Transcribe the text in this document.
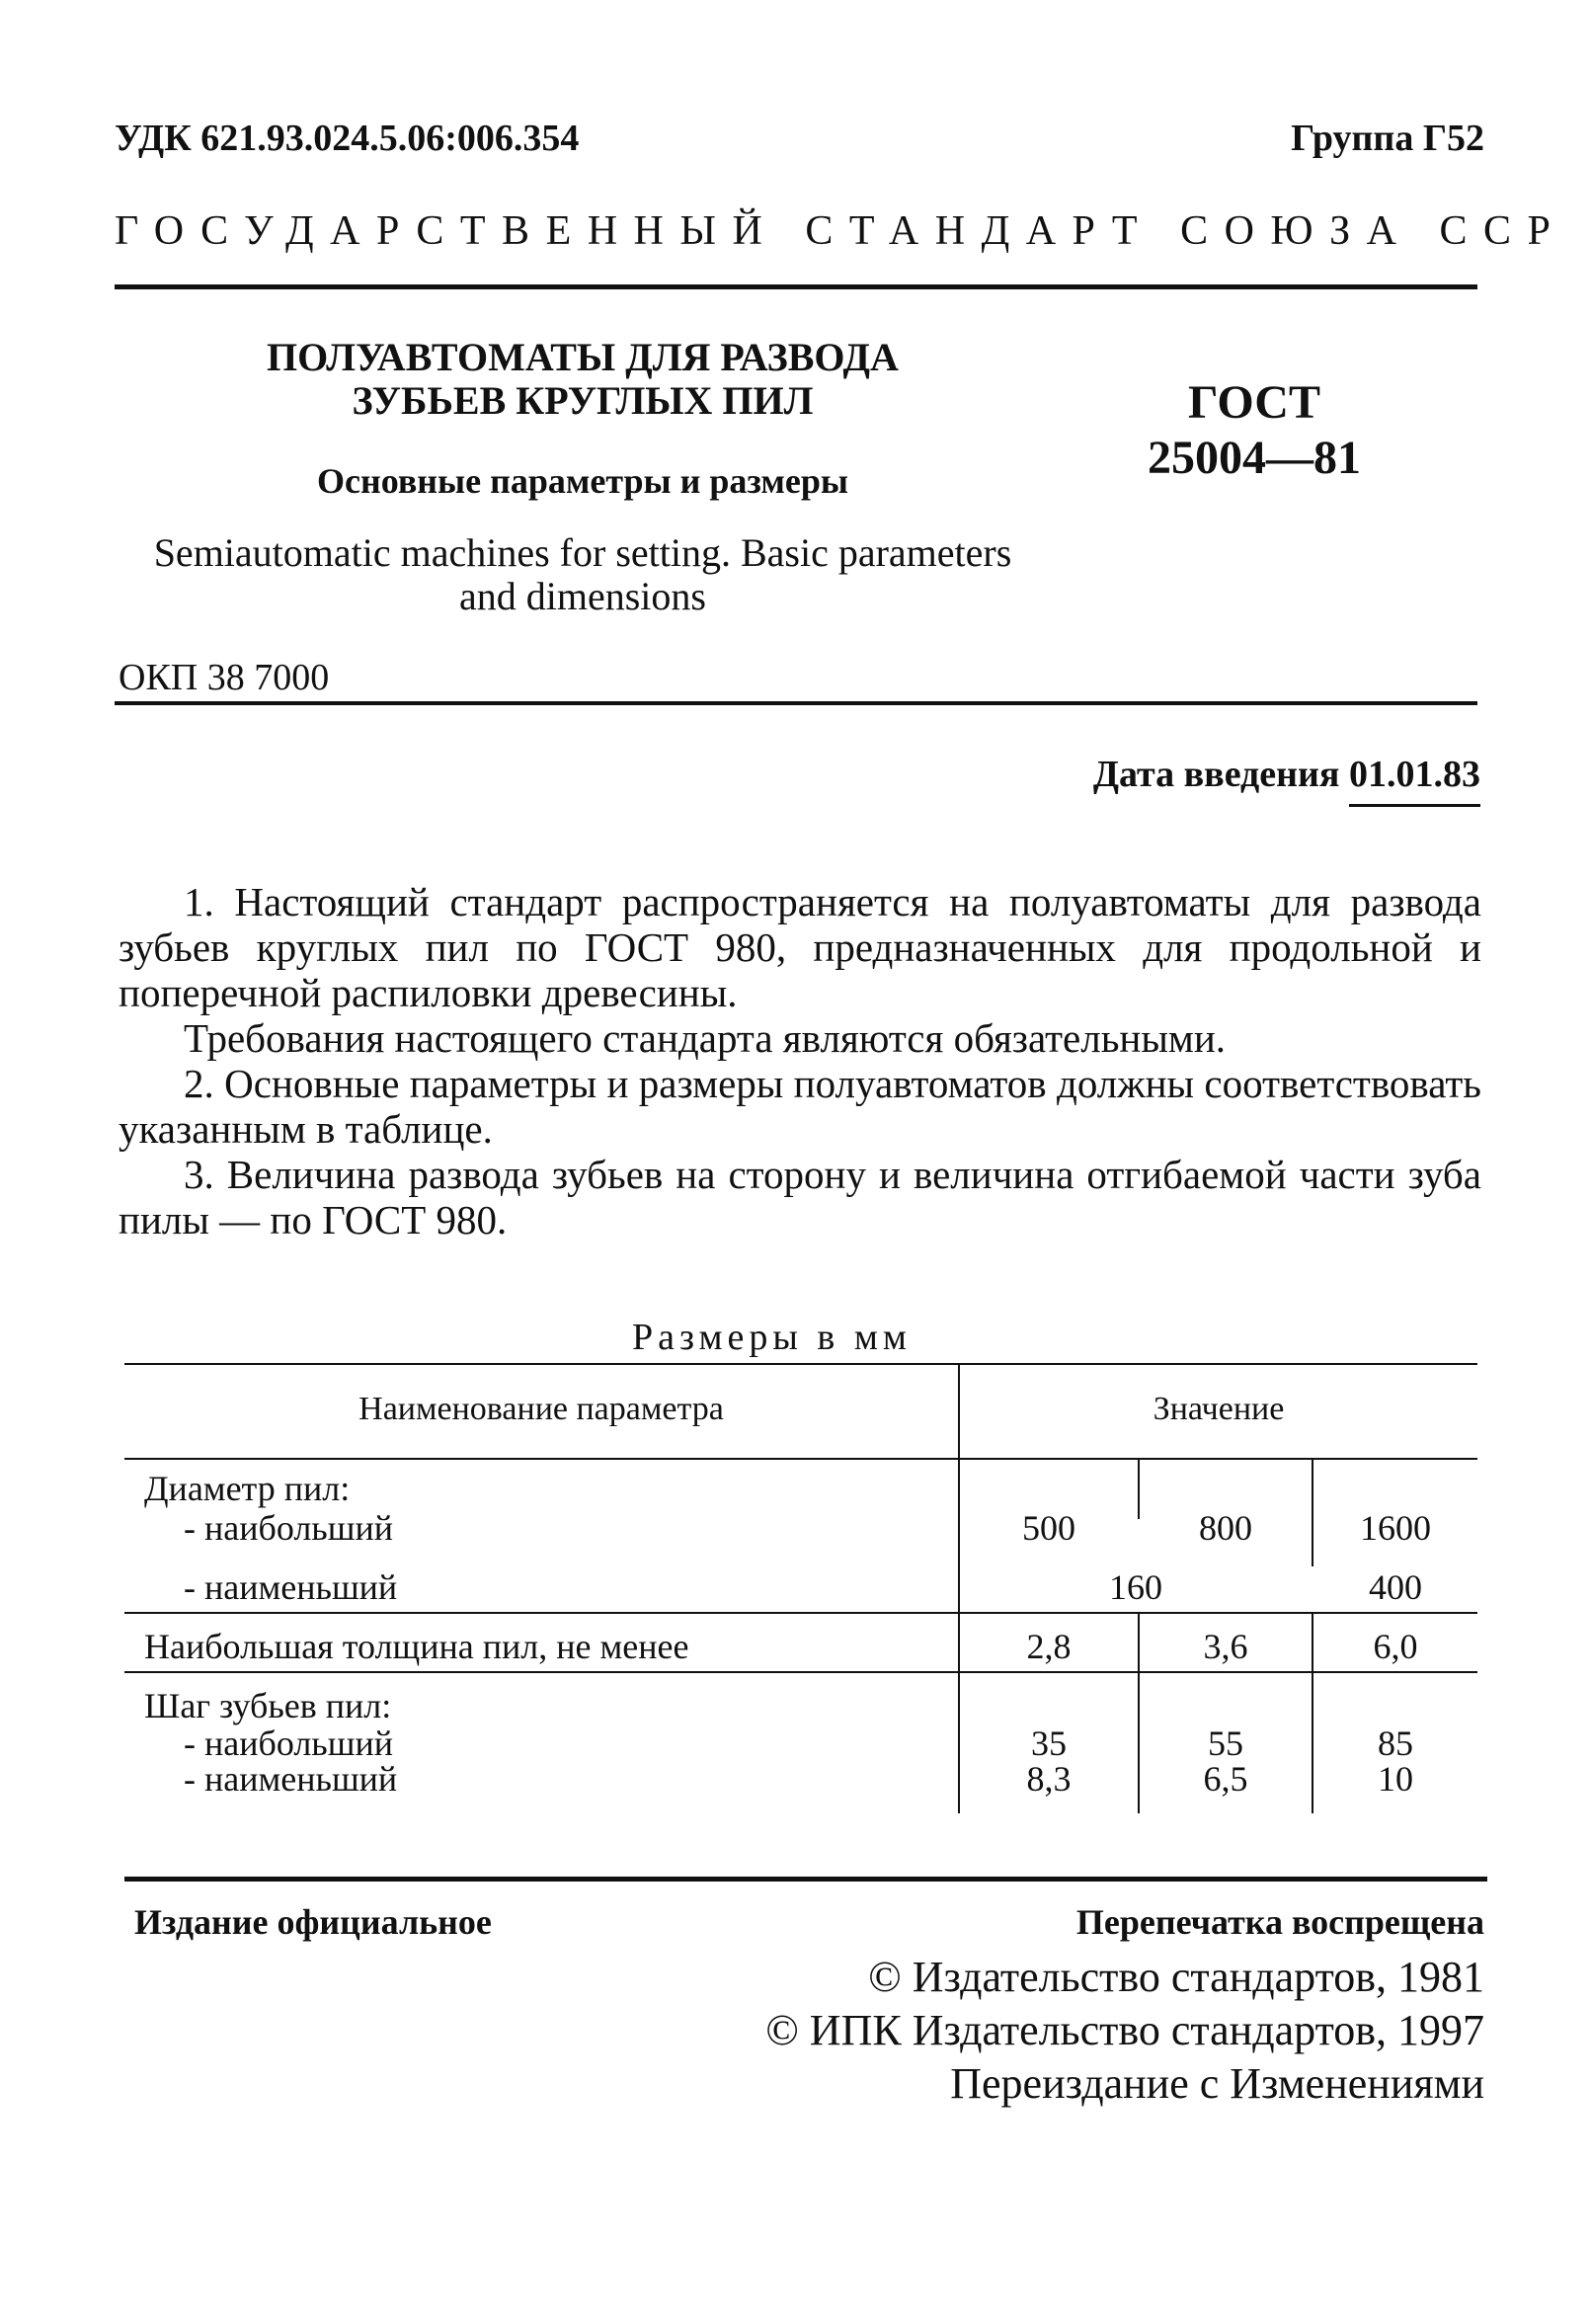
УДК 621.93.024.5.06:006.354	Группа Г52
ГОСУДАРСТВЕННЫЙ СТАНДАРТ СОЮЗА ССР
ПОЛУАВТОМАТЫ ДЛЯ РАЗВОДА
ЗУБЬЕВ КРУГЛЫХ ПИЛ
Основные параметры и размеры
ГОСТ
25004—81
Semiautomatic machines for setting. Basic parameters
and dimensions
ОКП 38 7000
Дата введения 01.01.83

1. Настоящий стандарт распространяется на полуавтоматы для развода зубьев круглых пил по ГОСТ 980, предназначенных для продольной и поперечной распиловки древесины.

Требования настоящего стандарта являются обязательными.

2. Основные параметры и размеры полуавтоматов должны соответствовать указанным в таблице.

3. Величина развода зубьев на сторону и величина отгибаемой части зуба пилы — по ГОСТ 980.

Размеры в мм
Наименование параметра	Значение
Диаметр пил:
- наибольший	500	800	1600
- наименьший	160	400
Наибольшая толщина пил, не менее	2,8	3,6	6,0
Шаг зубьев пил:
- наибольший	35	55	85
- наименьший	8,3	6,5	10
Издание официальное	Перепечатка воспрещена
© Издательство стандартов, 1981
© ИПК Издательство стандартов, 1997
Переиздание с Изменениями
